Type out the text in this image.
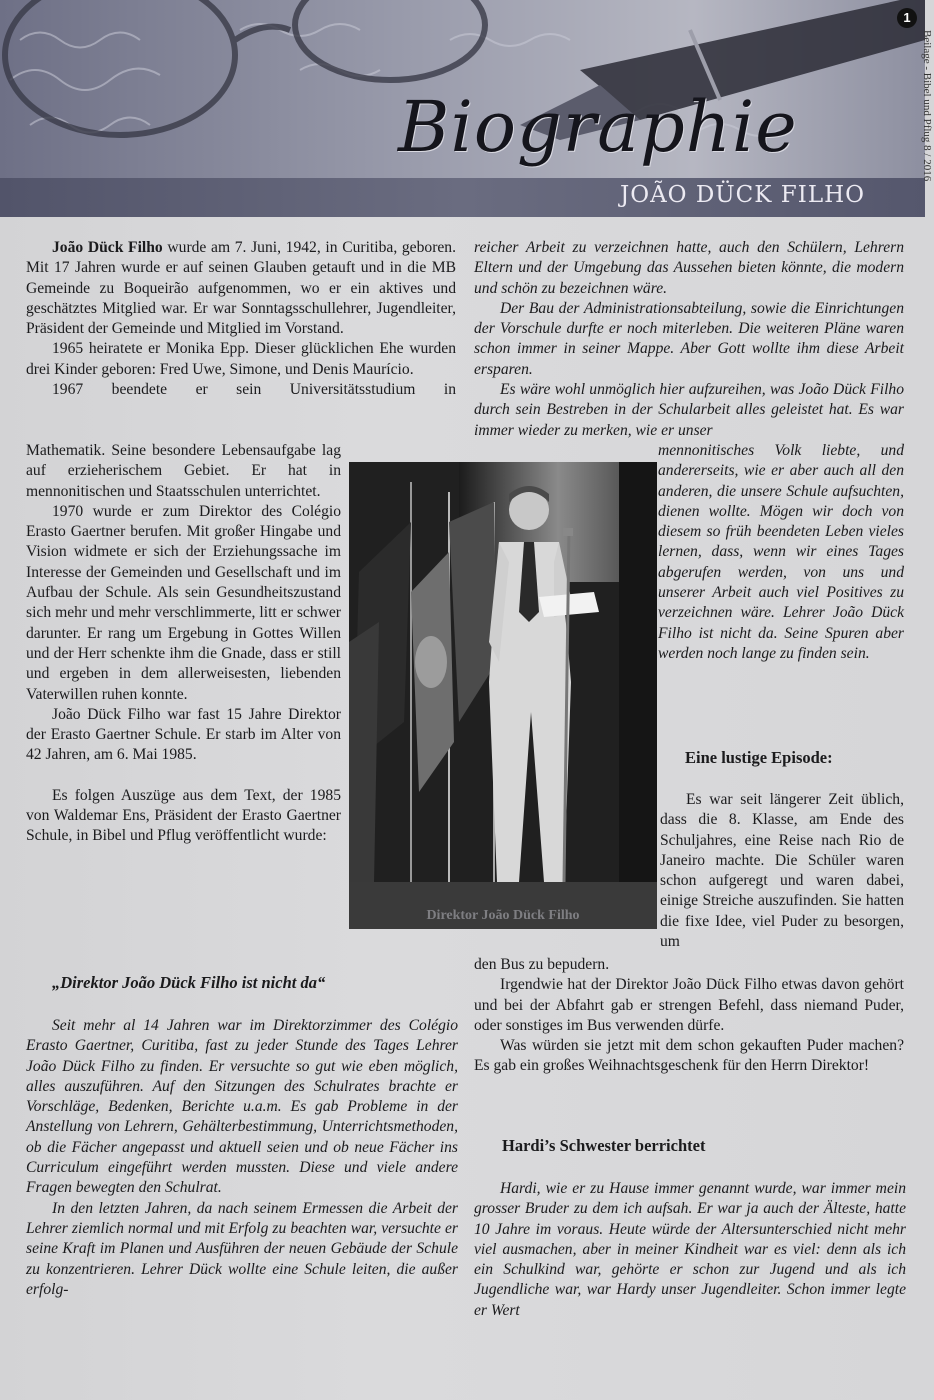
Biographie
JOÃO DÜCK FILHO
1
Beilage - Bibel und Pflug 8 / 2016

João Dück Filho wurde am 7. Juni, 1942, in Curitiba, geboren. Mit 17 Jahren wurde er auf seinen Glauben getauft und in die MB Gemeinde zu Boqueirão aufgenommen, wo er ein aktives und geschätztes Mitglied war. Er war Sonntagsschullehrer, Jugendleiter, Präsident der Gemeinde und Mitglied im Vorstand.

1965 heiratete er Monika Epp. Dieser glücklichen Ehe wurden drei Kinder geboren: Fred Uwe, Simone, und Denis Maurício.

1967 beendete er sein Universitätsstudium in

Mathematik. Seine besondere Lebensaufgabe lag auf erzieherischem Gebiet. Er hat in mennonitischen und Staatsschulen unterrichtet.

1970 wurde er zum Direktor des Colégio Erasto Gaertner berufen. Mit großer Hingabe und Vision widmete er sich der Erziehungssache im Interesse der Gemeinden und Gesellschaft und im Aufbau der Schule. Als sein Gesundheitszustand sich mehr und mehr verschlimmerte, litt er schwer darunter. Er rang um Ergebung in Gottes Willen und der Herr schenkte ihm die Gnade, dass er still und ergeben in dem allerweisesten, liebenden Vaterwillen ruhen konnte.

João Dück Filho war fast 15 Jahre Direktor der Erasto Gaertner Schule. Er starb im Alter von 42 Jahren, am 6. Mai 1985.

Es folgen Auszüge aus dem Text, der 1985 von Waldemar Ens, Präsident der Erasto Gaertner Schule, in Bibel und Pflug veröffentlicht wurde:

„Direktor João Dück Filho ist nicht da“

Seit mehr al 14 Jahren war im Direktorzimmer des Colégio Erasto Gaertner, Curitiba, fast zu jeder Stunde des Tages Lehrer João Dück Filho zu finden. Er versuchte so gut wie eben möglich, alles auszuführen. Auf den Sitzungen des Schulrates brachte er Vorschläge, Bedenken, Berichte u.a.m. Es gab Probleme in der Anstellung von Lehrern, Gehälterbestimmung, Unterrichtsmethoden, ob die Fächer angepasst und aktuell seien und ob neue Fächer ins Curriculum eingeführt werden mussten. Diese und viele andere Fragen bewegten den Schulrat.

In den letzten Jahren, da nach seinem Ermessen die Arbeit der Lehrer ziemlich normal und mit Erfolg zu beachten war, versuchte er seine Kraft im Planen und Ausführen der neuen Gebäude der Schule zu konzentrieren. Lehrer Dück wollte eine Schule leiten, die außer erfolg-

reicher Arbeit zu verzeichnen hatte, auch den Schülern, Lehrern Eltern und der Umgebung das Aussehen bieten könnte, die modern und schön zu bezeichnen wäre.

Der Bau der Administrationsabteilung, sowie die Einrichtungen der Vorschule durfte er noch miterleben. Die weiteren Pläne waren schon immer in seiner Mappe. Aber Gott wollte ihm diese Arbeit ersparen.

Es wäre wohl unmöglich hier aufzureihen, was João Dück Filho durch sein Bestreben in der Schularbeit alles geleistet hat. Es war immer wieder zu merken, wie er unser

mennonitisches Volk liebte, und andererseits, wie er aber auch all den anderen, die unsere Schule aufsuchten, dienen wollte. Mögen wir doch von diesem so früh beendeten Leben vieles lernen, dass, wenn wir eines Tages abgerufen werden, von uns und unserer Arbeit auch viel Positives zu verzeichnen wäre. Lehrer João Dück Filho ist nicht da. Seine Spuren aber werden noch lange zu finden sein.

Eine lustige Episode:

Es war seit längerer Zeit üblich, dass die 8. Klasse, am Ende des Schuljahres, eine Reise nach Rio de Janeiro machte. Die Schüler waren schon aufgeregt und waren dabei, einige Streiche auszufinden. Sie hatten die fixe Idee, viel Puder zu besorgen, um

den Bus zu bepudern.

Irgendwie hat der Direktor João Dück Filho etwas davon gehört und bei der Abfahrt gab er strengen Befehl, dass niemand Puder, oder sonstiges im Bus verwenden dürfe.

Was würden sie jetzt mit dem schon gekauften Puder machen? Es gab ein großes Weihnachtsgeschenk für den Herrn Direktor!

Hardi’s Schwester berrichtet

Hardi, wie er zu Hause immer genannt wurde, war immer mein grosser Bruder zu dem ich aufsah. Er war ja auch der Älteste, hatte 10 Jahre im voraus. Heute würde der Altersunterschied nicht mehr viel ausmachen, aber in meiner Kindheit war es viel: denn als ich ein Schulkind war, gehörte er schon zur Jugend und als ich Jugendliche war, war Hardy unser Jugendleiter. Schon immer legte er Wert

Direktor João Dück Filho
